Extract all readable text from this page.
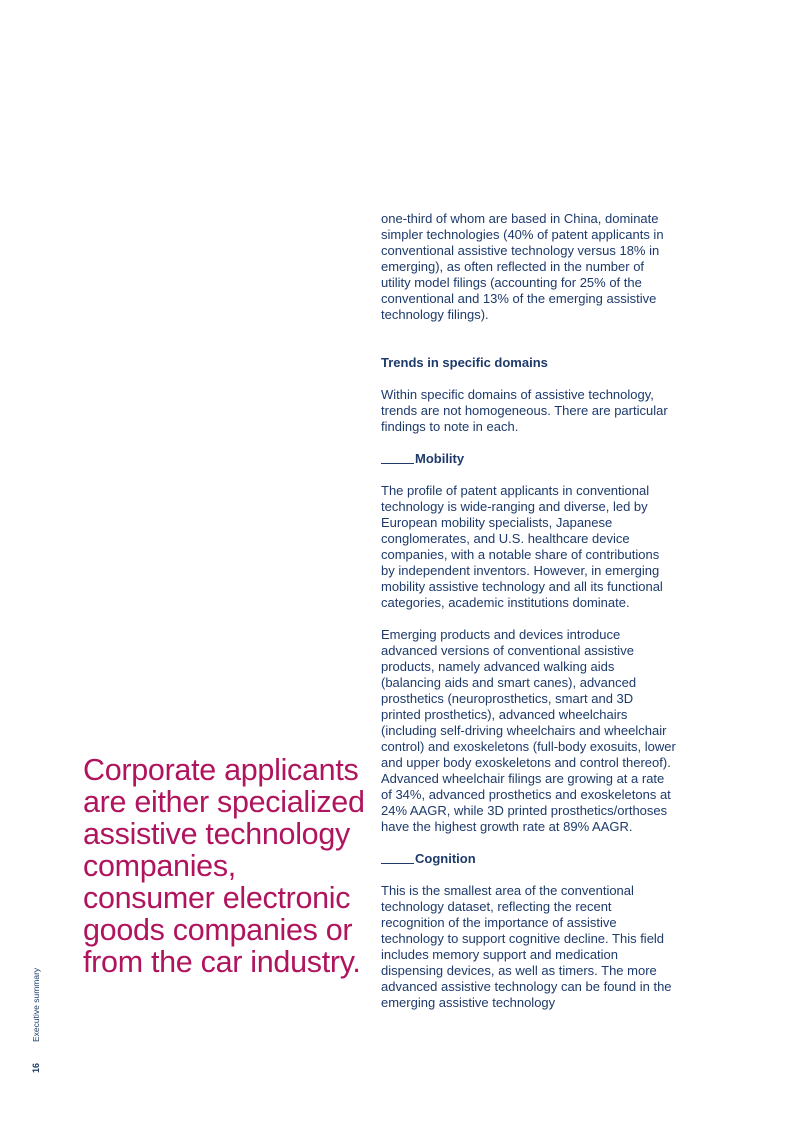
Executive summary
16
Corporate applicants are either specialized assistive technology companies, consumer electronic goods companies or from the car industry.

one-third of whom are based in China, dominate simpler technologies (40% of patent applicants in conventional assistive technology versus 18% in emerging), as often reflected in the number of utility model filings (accounting for 25% of the conventional and 13% of the emerging assistive technology filings).

Trends in specific domains

Within specific domains of assistive technology, trends are not homogeneous. There are particular findings to note in each.

Mobility

The profile of patent applicants in conventional technology is wide-ranging and diverse, led by European mobility specialists, Japanese conglomerates, and U.S. healthcare device companies, with a notable share of contributions by independent inventors. However, in emerging mobility assistive technology and all its functional categories, academic institutions dominate.

Emerging products and devices introduce advanced versions of conventional assistive products, namely advanced walking aids (balancing aids and smart canes), advanced prosthetics (neuroprosthetics, smart and 3D printed prosthetics), advanced wheelchairs (including self-driving wheelchairs and wheelchair control) and exoskeletons (full-body exosuits, lower and upper body exoskeletons and control thereof). Advanced wheelchair filings are growing at a rate of 34%, advanced prosthetics and exoskeletons at 24% AAGR, while 3D printed prosthetics/orthoses have the highest growth rate at 89% AAGR.

Cognition

This is the smallest area of the conventional technology dataset, reflecting the recent recognition of the importance of assistive technology to support cognitive decline. This field includes memory support and medication dispensing devices, as well as timers. The more advanced assistive technology can be found in the emerging assistive technology
